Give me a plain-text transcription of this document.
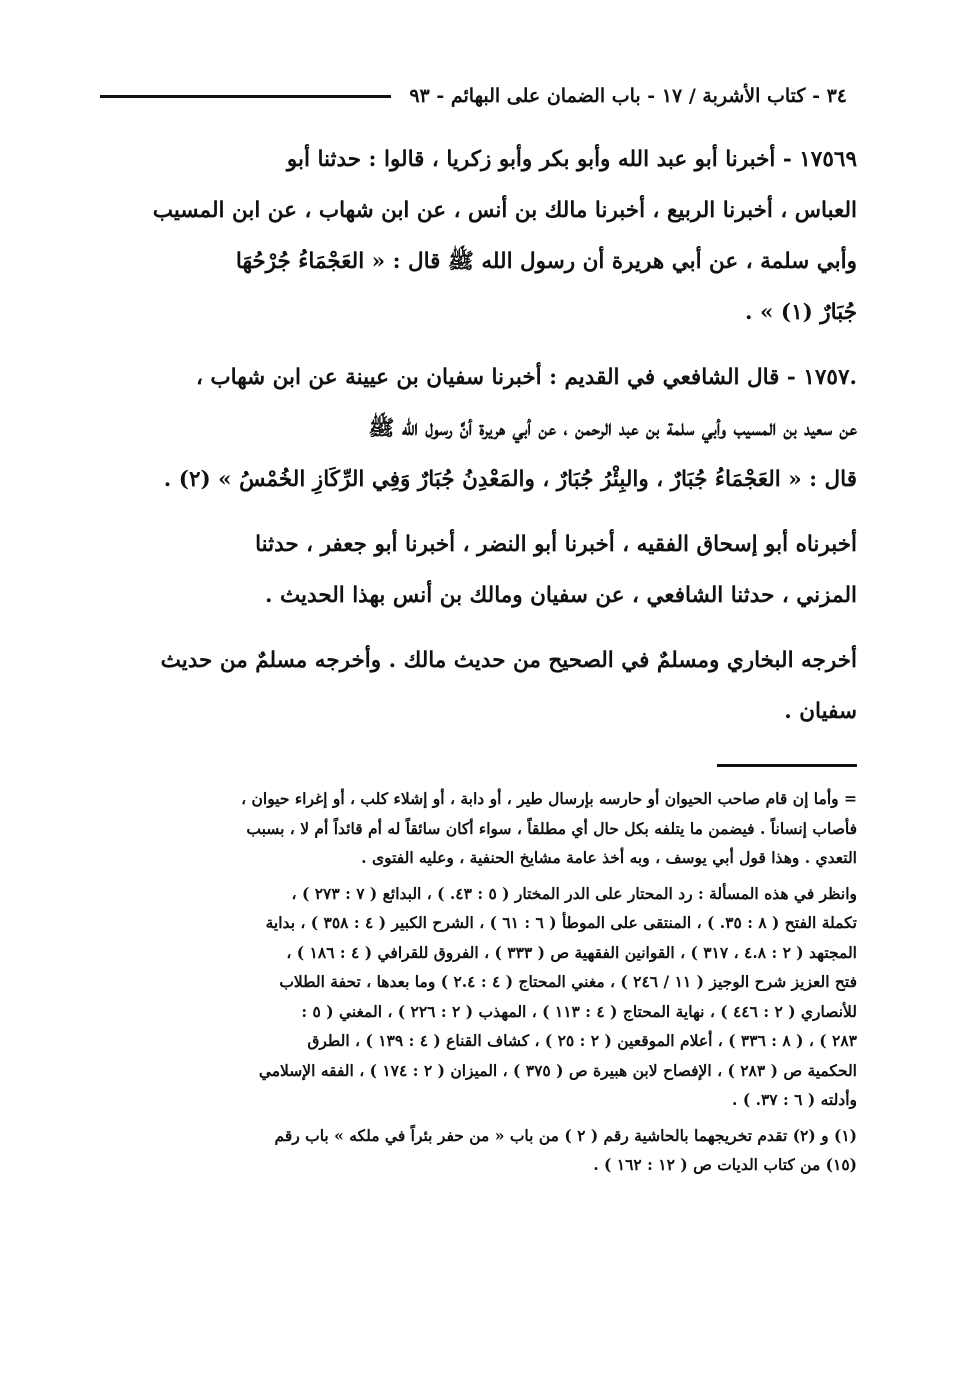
٣٤ - كتاب الأشربة / ١٧ - باب الضمان على البهائم - ٩٣
١٧٥٦٩ - أخبرنا أبو عبد الله وأبو بكر وأبو زكريا ، قالوا : حدثنا أبو
العباس ، أخبرنا الربيع ، أخبرنا مالك بن أنس ، عن ابن شهاب ، عن ابن المسيب
وأبي سلمة ، عن أبي هريرة أن رسول الله ﷺ قال : « العَجْمَاءُ جُرْحُهَا
جُبَارٌ (١) » .
.١٧٥٧ - قال الشافعي في القديم : أخبرنا سفيان بن عيينة عن ابن شهاب ،
عن سعيد بن المسيب وأبي سلمة بن عبد الرحمن ، عن أبي هريرة أنَّ رسول الله ﷺ
قال : « العَجْمَاءُ جُبَارٌ ، والبِئْرُ جُبَارٌ ، والمَعْدِنُ جُبَارٌ وَفِي الرِّكَازِ الخُمْسُ » (٢) .
أخبرناه أبو إسحاق الفقيه ، أخبرنا أبو النضر ، أخبرنا أبو جعفر ، حدثنا
المزني ، حدثنا الشافعي ، عن سفيان ومالك بن أنس بهذا الحديث .
أخرجه البخاري ومسلمٌ في الصحيح من حديث مالك . وأخرجه مسلمٌ من حديث
سفيان .
= وأما إن قام صاحب الحيوان أو حارسه بإرسال طير ، أو دابة ، أو إشلاء كلب ، أو إغراء حيوان ،
فأصاب إنساناً . فيضمن ما يتلفه بكل حال أي مطلقاً ، سواء أكان سائقاً له أم قائداً أم لا ، بسبب
التعدي . وهذا قول أبي يوسف ، وبه أخذ عامة مشايخ الحنفية ، وعليه الفتوى .
وانظر في هذه المسألة : رد المحتار على الدر المختار ( ٥ : ٤٣. ) ، البدائع ( ٧ : ٢٧٣ ) ،
تكملة الفتح ( ٨ : ٣٥. ) ، المنتقى على الموطأ ( ٦ : ٦١ ) ، الشرح الكبير ( ٤ : ٣٥٨ ) ، بداية
المجتهد ( ٢ : ٤.٨ ، ٣١٧ ) ، القوانين الفقهية ص ( ٣٣٣ ) ، الفروق للقرافي ( ٤ : ١٨٦ ) ،
فتح العزيز شرح الوجيز ( ١١ / ٢٤٦ ) ، مغني المحتاج ( ٤ : ٢.٤ ) وما بعدها ، تحفة الطلاب
للأنصاري ( ٢ : ٤٤٦ ) ، نهاية المحتاج ( ٤ : ١١٣ ) ، المهذب ( ٢ : ٢٢٦ ) ، المغني ( ٥ :
٢٨٣ ) ، ( ٨ : ٣٣٦ ) ، أعلام الموقعين ( ٢ : ٢٥ ) ، كشاف القناع ( ٤ : ١٣٩ ) ، الطرق
الحكمية ص ( ٢٨٣ ) ، الإفصاح لابن هبيرة ص ( ٣٧٥ ) ، الميزان ( ٢ : ١٧٤ ) ، الفقه الإسلامي
وأدلته ( ٦ : ٣٧. ) .
(١) و (٢) تقدم تخريجهما بالحاشية رقم ( ٢ ) من باب « من حفر بئراً في ملكه » باب رقم
(١٥) من كتاب الديات ص ( ١٢ : ١٦٢ ) .
